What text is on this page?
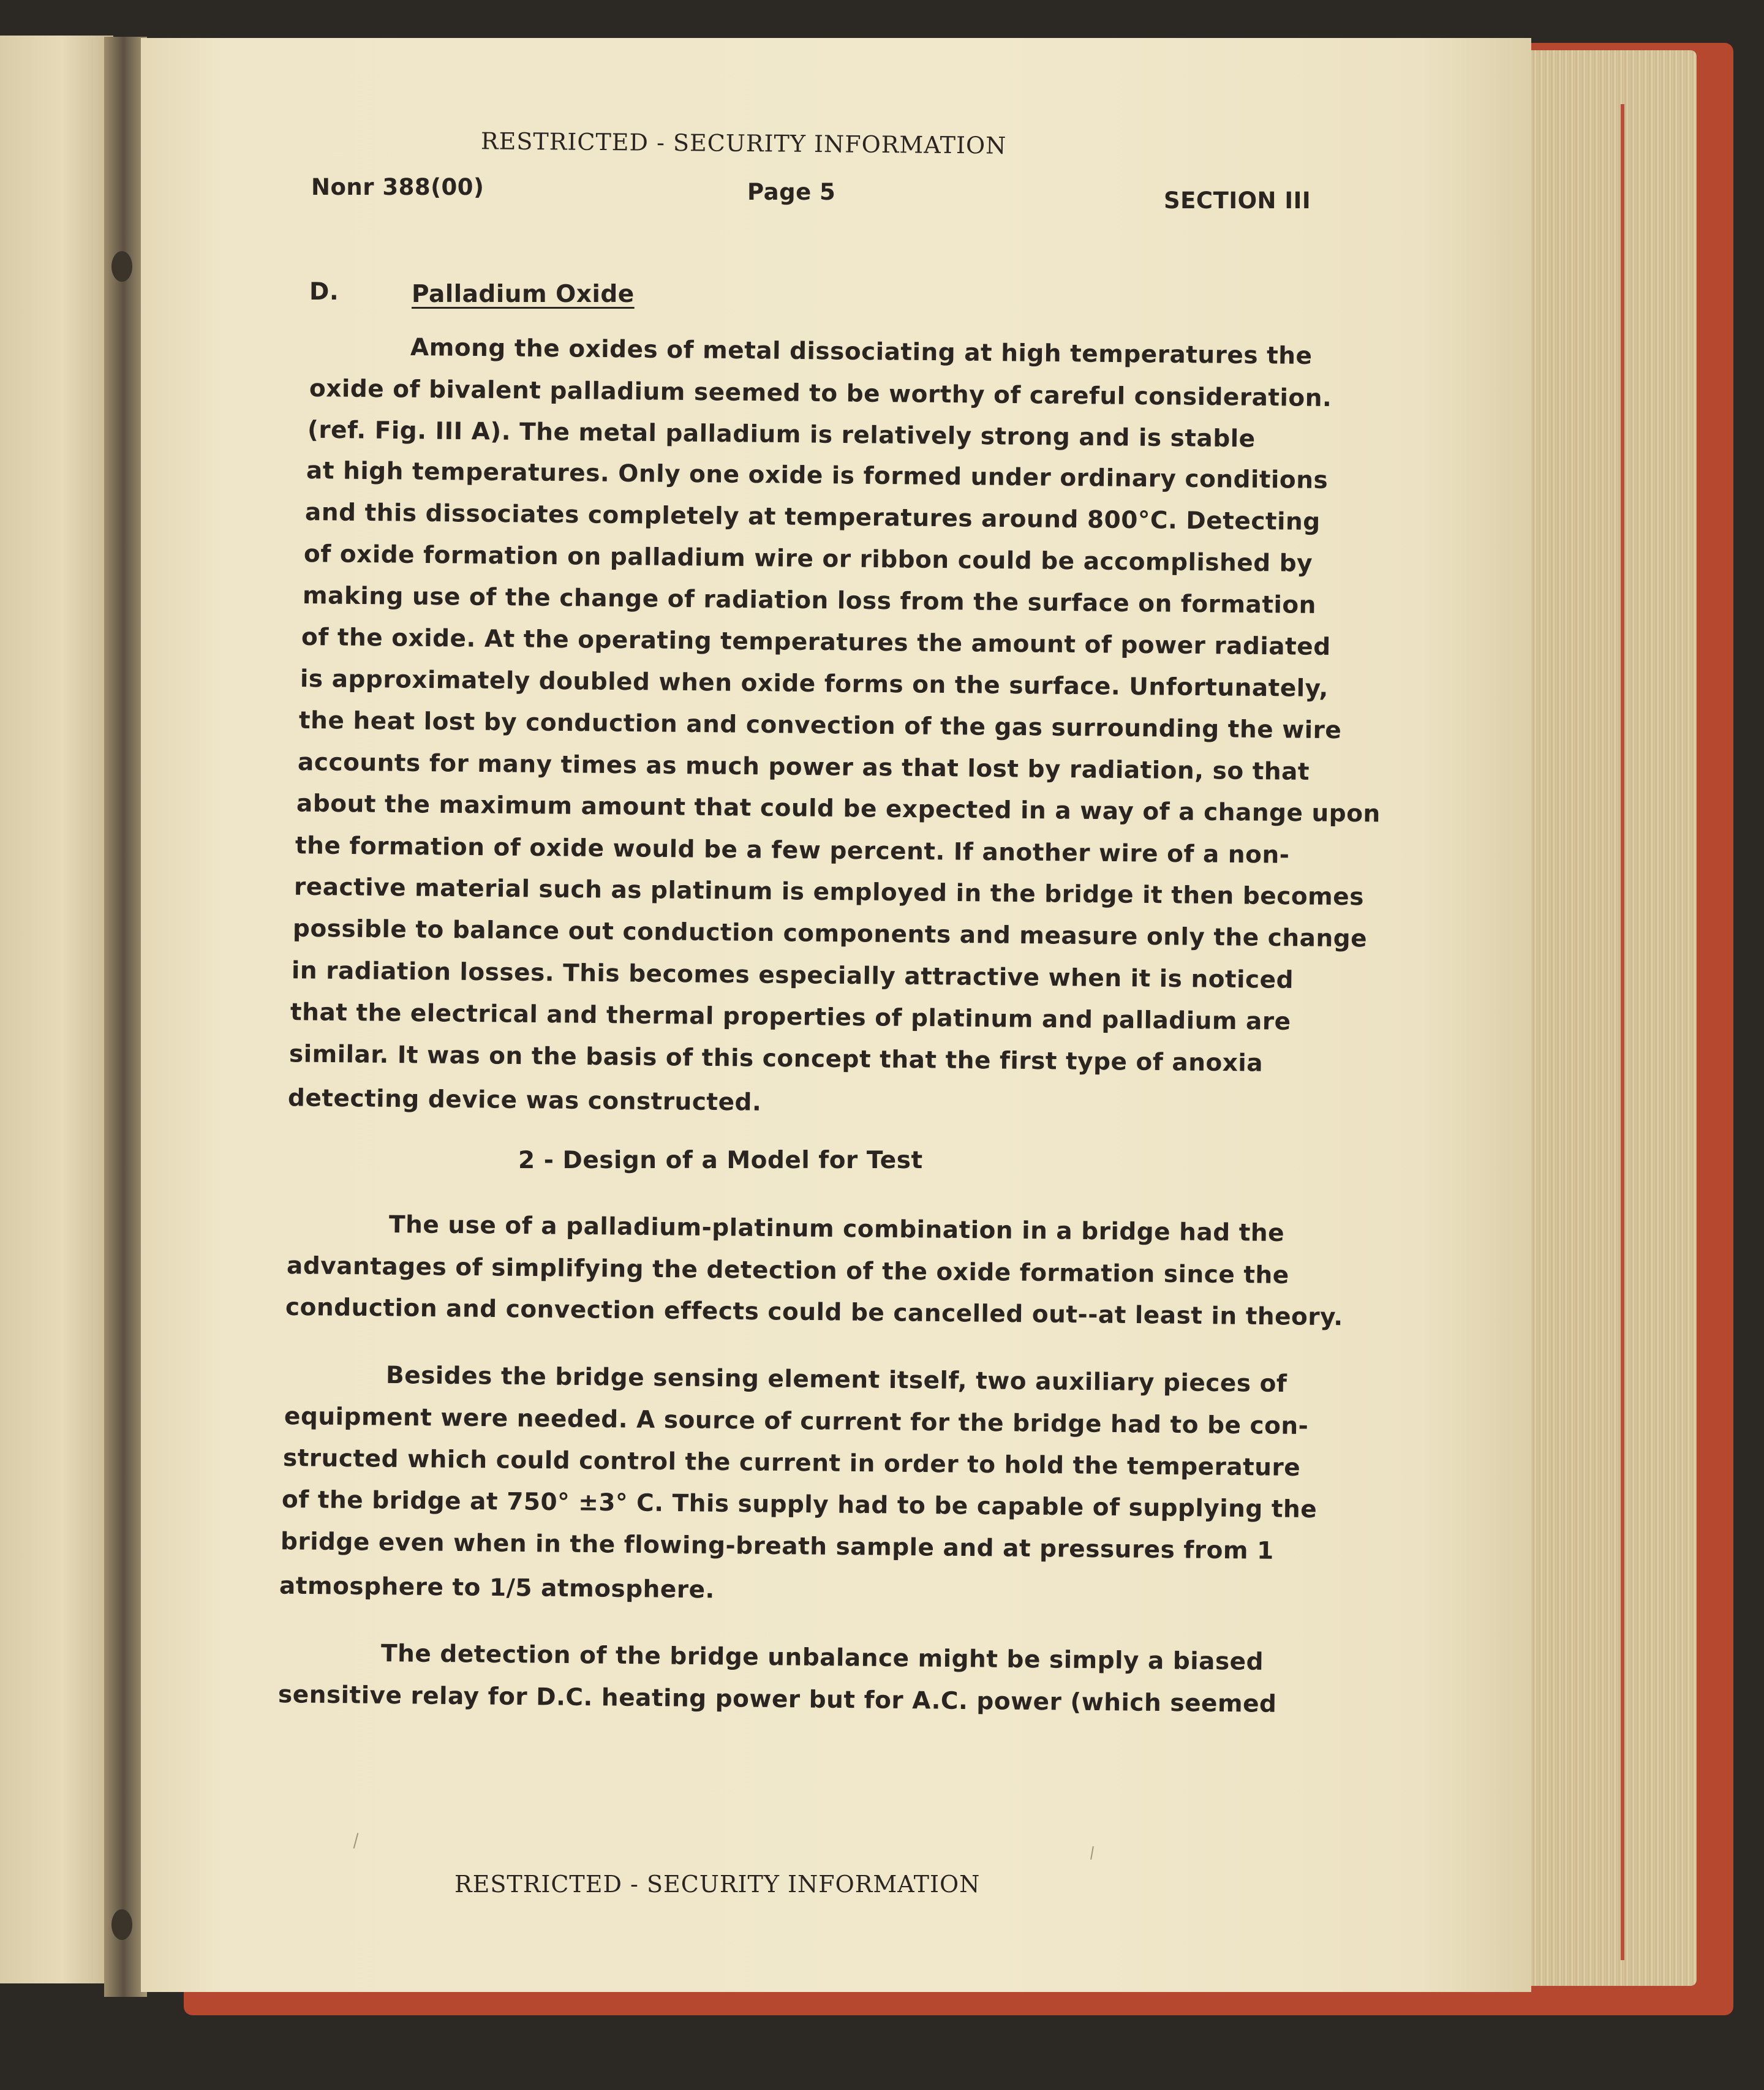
RESTRICTED - SECURITY INFORMATION
Nonr 388(00)	Page 5	SECTION III
D.	Palladium Oxide
Among the oxides of metal dissociating at high temperatures the
oxide of bivalent palladium seemed to be worthy of careful consideration.
(ref. Fig. III A). The metal palladium is relatively strong and is stable
at high temperatures. Only one oxide is formed under ordinary conditions
and this dissociates completely at temperatures around 800°C. Detecting
of oxide formation on palladium wire or ribbon could be accomplished by
making use of the change of radiation loss from the surface on formation
of the oxide. At the operating temperatures the amount of power radiated
is approximately doubled when oxide forms on the surface. Unfortunately,
the heat lost by conduction and convection of the gas surrounding the wire
accounts for many times as much power as that lost by radiation, so that
about the maximum amount that could be expected in a way of a change upon
the formation of oxide would be a few percent. If another wire of a non-
reactive material such as platinum is employed in the bridge it then becomes
possible to balance out conduction components and measure only the change
in radiation losses. This becomes especially attractive when it is noticed
that the electrical and thermal properties of platinum and palladium are
similar. It was on the basis of this concept that the first type of anoxia
detecting device was constructed.
2 - Design of a Model for Test
The use of a palladium-platinum combination in a bridge had the
advantages of simplifying the detection of the oxide formation since the
conduction and convection effects could be cancelled out--at least in theory.
Besides the bridge sensing element itself, two auxiliary pieces of
equipment were needed. A source of current for the bridge had to be con-
structed which could control the current in order to hold the temperature
of the bridge at 750° ±3° C. This supply had to be capable of supplying the
bridge even when in the flowing-breath sample and at pressures from 1
atmosphere to 1/5 atmosphere.
The detection of the bridge unbalance might be simply a biased
sensitive relay for D.C. heating power but for A.C. power (which seemed
RESTRICTED - SECURITY INFORMATION
